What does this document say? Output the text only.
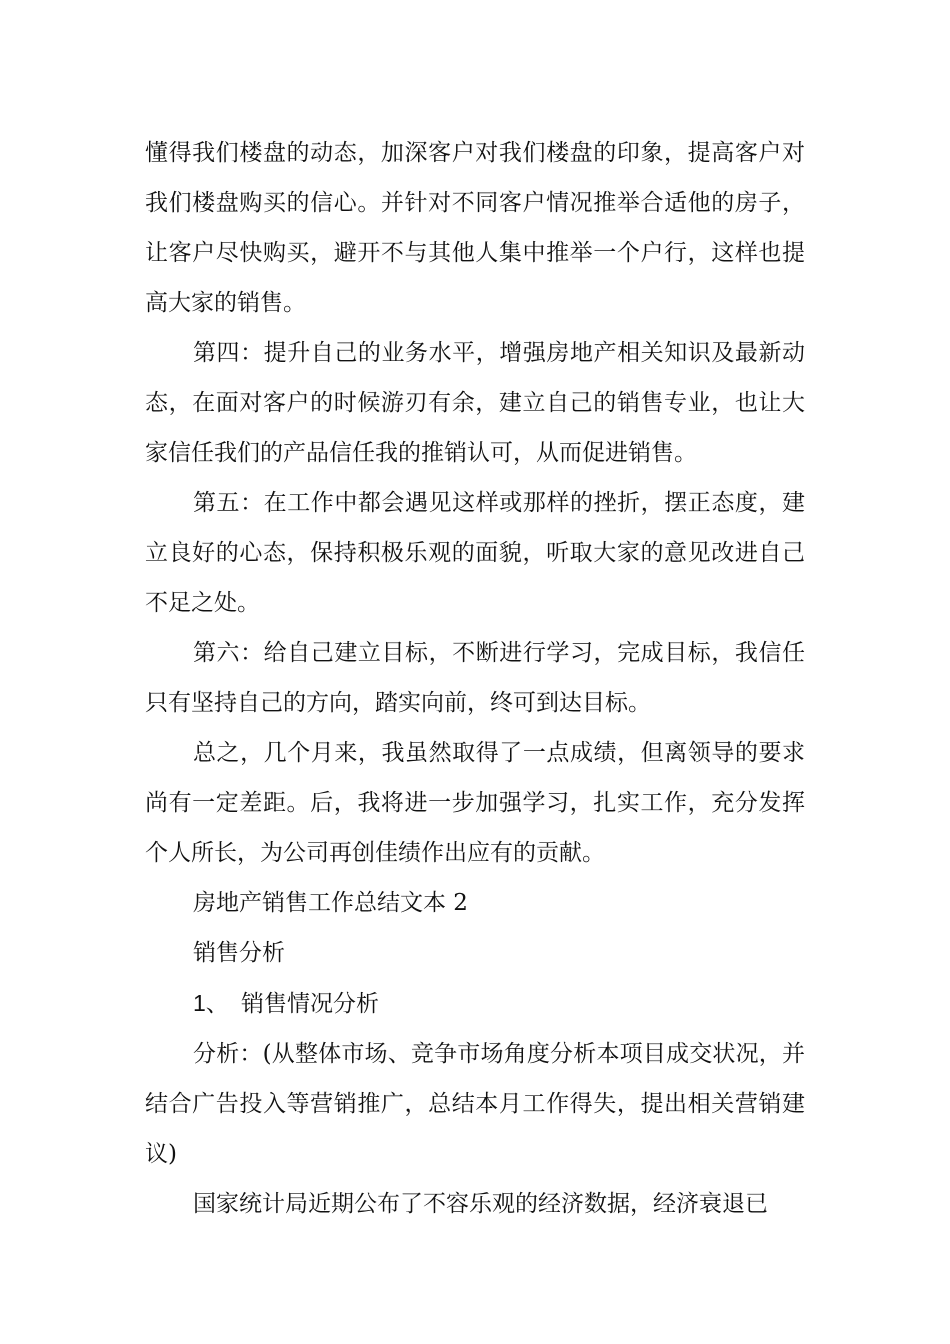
懂得我们楼盘的动态，加深客户对我们楼盘的印象，提高客户对我们楼盘购买的信心。并针对不同客户情况推举合适他的房子，让客户尽快购买，避开不与其他人集中推举一个户行，这样也提高大家的销售。

第四：提升自己的业务水平，增强房地产相关知识及最新动态，在面对客户的时候游刃有余，建立自己的销售专业，也让大家信任我们的产品信任我的推销认可，从而促进销售。

第五：在工作中都会遇见这样或那样的挫折，摆正态度，建立良好的心态，保持积极乐观的面貌，听取大家的意见改进自己不足之处。

第六：给自己建立目标，不断进行学习，完成目标，我信任只有坚持自己的方向，踏实向前，终可到达目标。

总之，几个月来，我虽然取得了一点成绩，但离领导的要求尚有一定差距。后，我将进一步加强学习，扎实工作，充分发挥个人所长，为公司再创佳绩作出应有的贡献。

房地产销售工作总结文本 2

销售分析

1、 销售情况分析

分析：(从整体市场、竞争市场角度分析本项目成交状况，并结合广告投入等营销推广，总结本月工作得失，提出相关营销建议)

国家统计局近期公布了不容乐观的经济数据，经济衰退已
